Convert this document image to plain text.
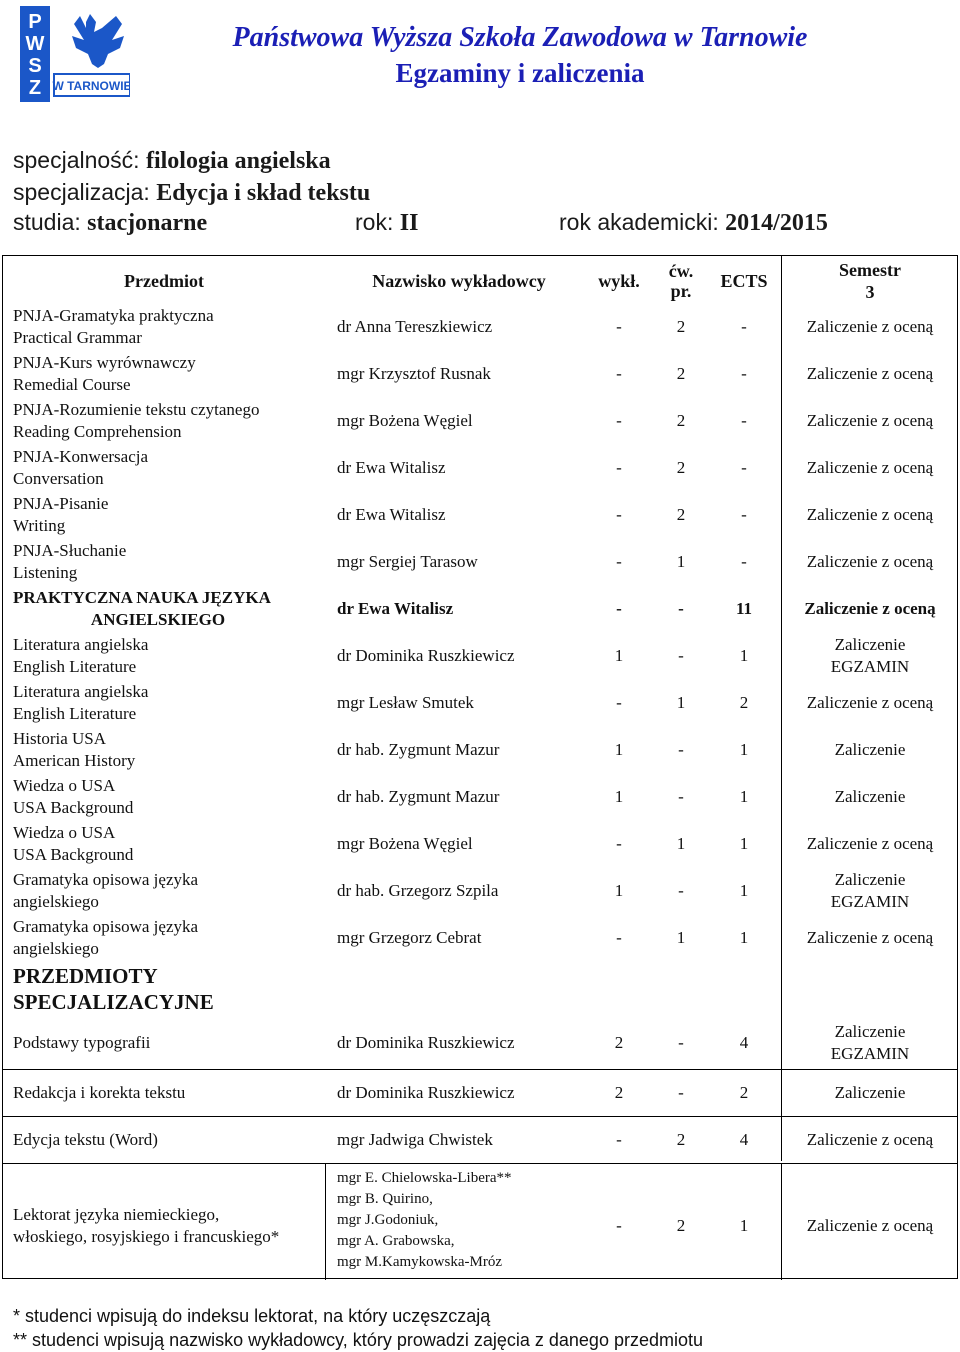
P
W
S
Z W TARNOWIE
Państwowa Wyższa Szkoła Zawodowa w Tarnowie
Egzaminy i zaliczenia
specjalność: filologia angielska
specjalizacja: Edycja i skład tekstu
studia: stacjonarne	rok: II	rok akademicki: 2014/2015
Przedmiot	Nazwisko wykładowcy	wykł.	ćw.
pr.	ECTS
Semestr
3
PNJA-Gramatyka praktyczna
Practical Grammar
dr Anna Tereszkiewicz	-	2	-	Zaliczenie z oceną
PNJA-Kurs wyrównawczy
Remedial Course
mgr Krzysztof Rusnak	-	2	-	Zaliczenie z oceną
PNJA-Rozumienie tekstu czytanego
Reading Comprehension
mgr Bożena Węgiel	-	2	-	Zaliczenie z oceną
PNJA-Konwersacja
Conversation
dr Ewa Witalisz	-	2	-	Zaliczenie z oceną
PNJA-Pisanie
Writing
dr Ewa Witalisz	-	2	-	Zaliczenie z oceną
PNJA-Słuchanie
Listening
mgr Sergiej Tarasow	-	1	-	Zaliczenie z oceną
PRAKTYCZNA NAUKA JĘZYKA
ANGIELSKIEGO
dr Ewa Witalisz	-	-	11	Zaliczenie z oceną
Literatura angielska
English Literature
dr Dominika Ruszkiewicz	1	-	1
Zaliczenie
EGZAMIN
Literatura angielska
English Literature
mgr Lesław Smutek	-	1	2	Zaliczenie z oceną
Historia USA
American History
dr hab. Zygmunt Mazur	1	-	1	Zaliczenie
Wiedza o USA
USA Background
dr hab. Zygmunt Mazur	1	-	1	Zaliczenie
Wiedza o USA
USA Background
mgr Bożena Węgiel	-	1	1	Zaliczenie z oceną
Gramatyka opisowa języka
angielskiego
dr hab. Grzegorz Szpila	1	-	1
Zaliczenie
EGZAMIN
Gramatyka opisowa języka
angielskiego
mgr Grzegorz Cebrat	-	1	1	Zaliczenie z oceną
PRZEDMIOTY
SPECJALIZACYJNE
Podstawy typografii	dr Dominika Ruszkiewicz	2	-	4
Zaliczenie
EGZAMIN
Redakcja i korekta tekstu	dr Dominika Ruszkiewicz	2	-	2	Zaliczenie
Edycja tekstu (Word)	mgr Jadwiga Chwistek	-	2	4	Zaliczenie z oceną
Lektorat języka niemieckiego,
włoskiego, rosyjskiego i francuskiego*
mgr E. Chielowska-Libera**
mgr B. Quirino,
mgr J.Godoniuk,
mgr A. Grabowska,
mgr M.Kamykowska-Mróz
-	2	1	Zaliczenie z oceną
* studenci wpisują do indeksu lektorat, na który uczęszczają
** studenci wpisują nazwisko wykładowcy, który prowadzi zajęcia z danego przedmiotu
